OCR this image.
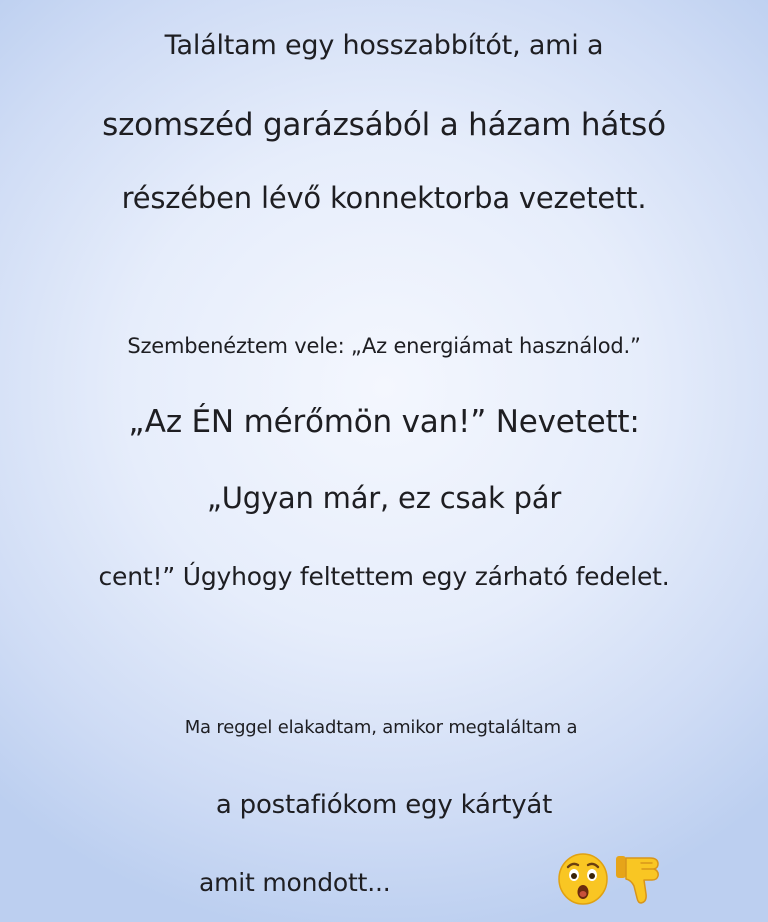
Találtam egy hosszabbítót, ami a
szomszéd garázsából a házam hátsó
részében lévő konnektorba vezetett.
Szembenéztem vele: „Az energiámat használod.”
„Az ÉN mérőmön van!” Nevetett:
„Ugyan már, ez csak pár
cent!” Úgyhogy feltettem egy zárható fedelet.
Ma reggel elakadtam, amikor megtaláltam a
a postafiókom egy kártyát
amit mondott...
